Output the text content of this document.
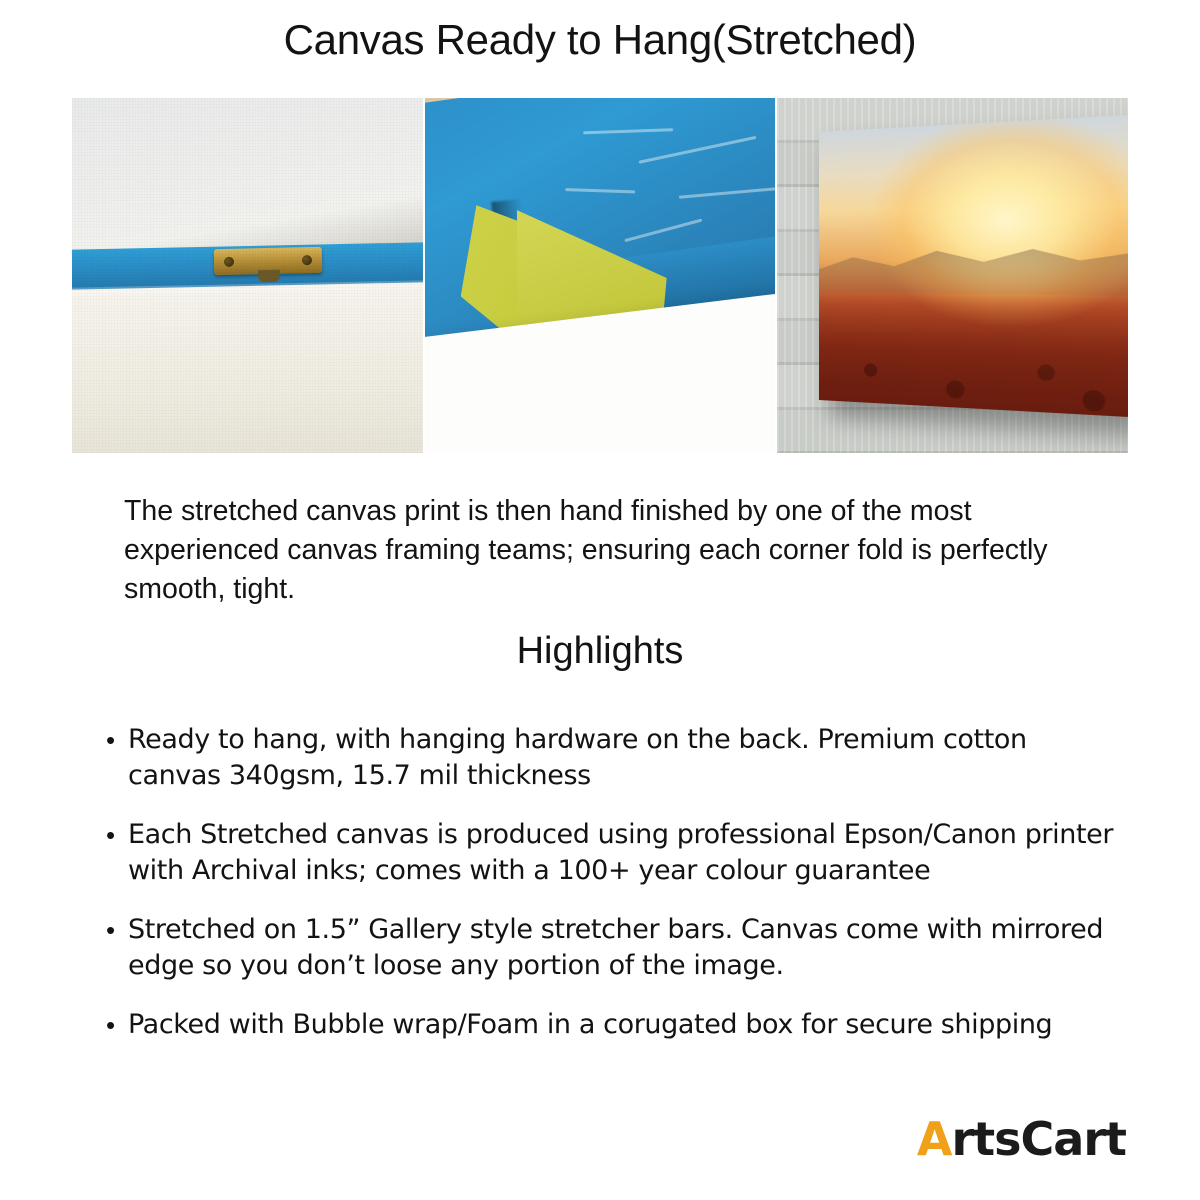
Canvas Ready to Hang(Stretched)
The stretched canvas print is then hand finished by one of the most experienced canvas framing teams; ensuring each corner fold is perfectly smooth, tight.
Highlights
• Ready to hang, with hanging hardware on the back. Premium cotton canvas 340gsm, 15.7 mil thickness
• Each Stretched canvas is produced using professional Epson/Canon printer with Archival inks; comes with a 100+ year colour guarantee
• Stretched on 1.5” Gallery style stretcher bars. Canvas come with mirrored edge so you don’t loose any portion of the image.
• Packed with Bubble wrap/Foam in a corugated box for secure shipping
ArtsCart
